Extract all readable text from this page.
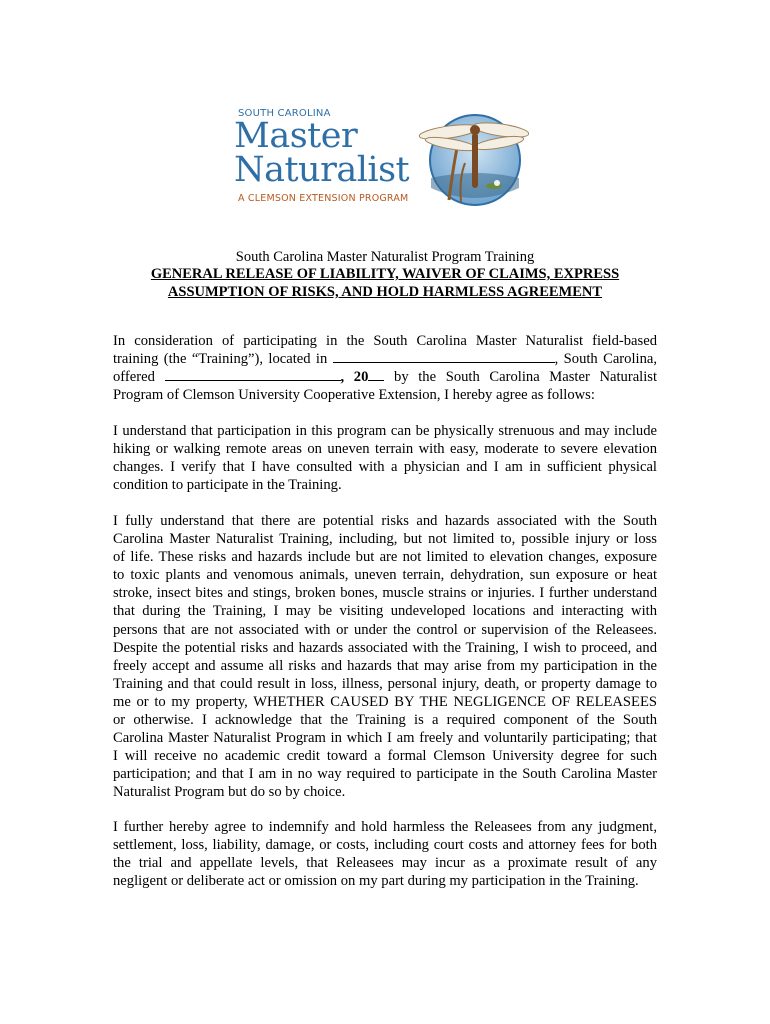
SOUTH CAROLINA
Master
Naturalist
A CLEMSON EXTENSION PROGRAM
South Carolina Master Naturalist Program Training
GENERAL RELEASE OF LIABILITY, WAIVER OF CLAIMS, EXPRESS
ASSUMPTION OF RISKS, AND HOLD HARMLESS AGREEMENT
In consideration of participating in the South Carolina Master Naturalist field-based
training (the “Training”), located in	, South Carolina,
offered	, 20 by the South Carolina Master Naturalist
Program of Clemson University Cooperative Extension, I hereby agree as follows:
I understand that participation in this program can be physically strenuous and may include
hiking or walking remote areas on uneven terrain with easy, moderate to severe elevation
changes. I verify that I have consulted with a physician and I am in sufficient physical
condition to participate in the Training.
I fully understand that there are potential risks and hazards associated with the South
Carolina Master Naturalist Training, including, but not limited to, possible injury or loss
of life. These risks and hazards include but are not limited to elevation changes, exposure
to toxic plants and venomous animals, uneven terrain, dehydration, sun exposure or heat
stroke, insect bites and stings, broken bones, muscle strains or injuries. I further understand
that during the Training, I may be visiting undeveloped locations and interacting with
persons that are not associated with or under the control or supervision of the Releasees.
Despite the potential risks and hazards associated with the Training, I wish to proceed, and
freely accept and assume all risks and hazards that may arise from my participation in the
Training and that could result in loss, illness, personal injury, death, or property damage to
me or to my property, WHETHER CAUSED BY THE NEGLIGENCE OF RELEASEES
or otherwise. I acknowledge that the Training is a required component of the South
Carolina Master Naturalist Program in which I am freely and voluntarily participating; that
I will receive no academic credit toward a formal Clemson University degree for such
participation; and that I am in no way required to participate in the South Carolina Master
Naturalist Program but do so by choice.
I further hereby agree to indemnify and hold harmless the Releasees from any judgment,
settlement, loss, liability, damage, or costs, including court costs and attorney fees for both
the trial and appellate levels, that Releasees may incur as a proximate result of any
negligent or deliberate act or omission on my part during my participation in the Training.
